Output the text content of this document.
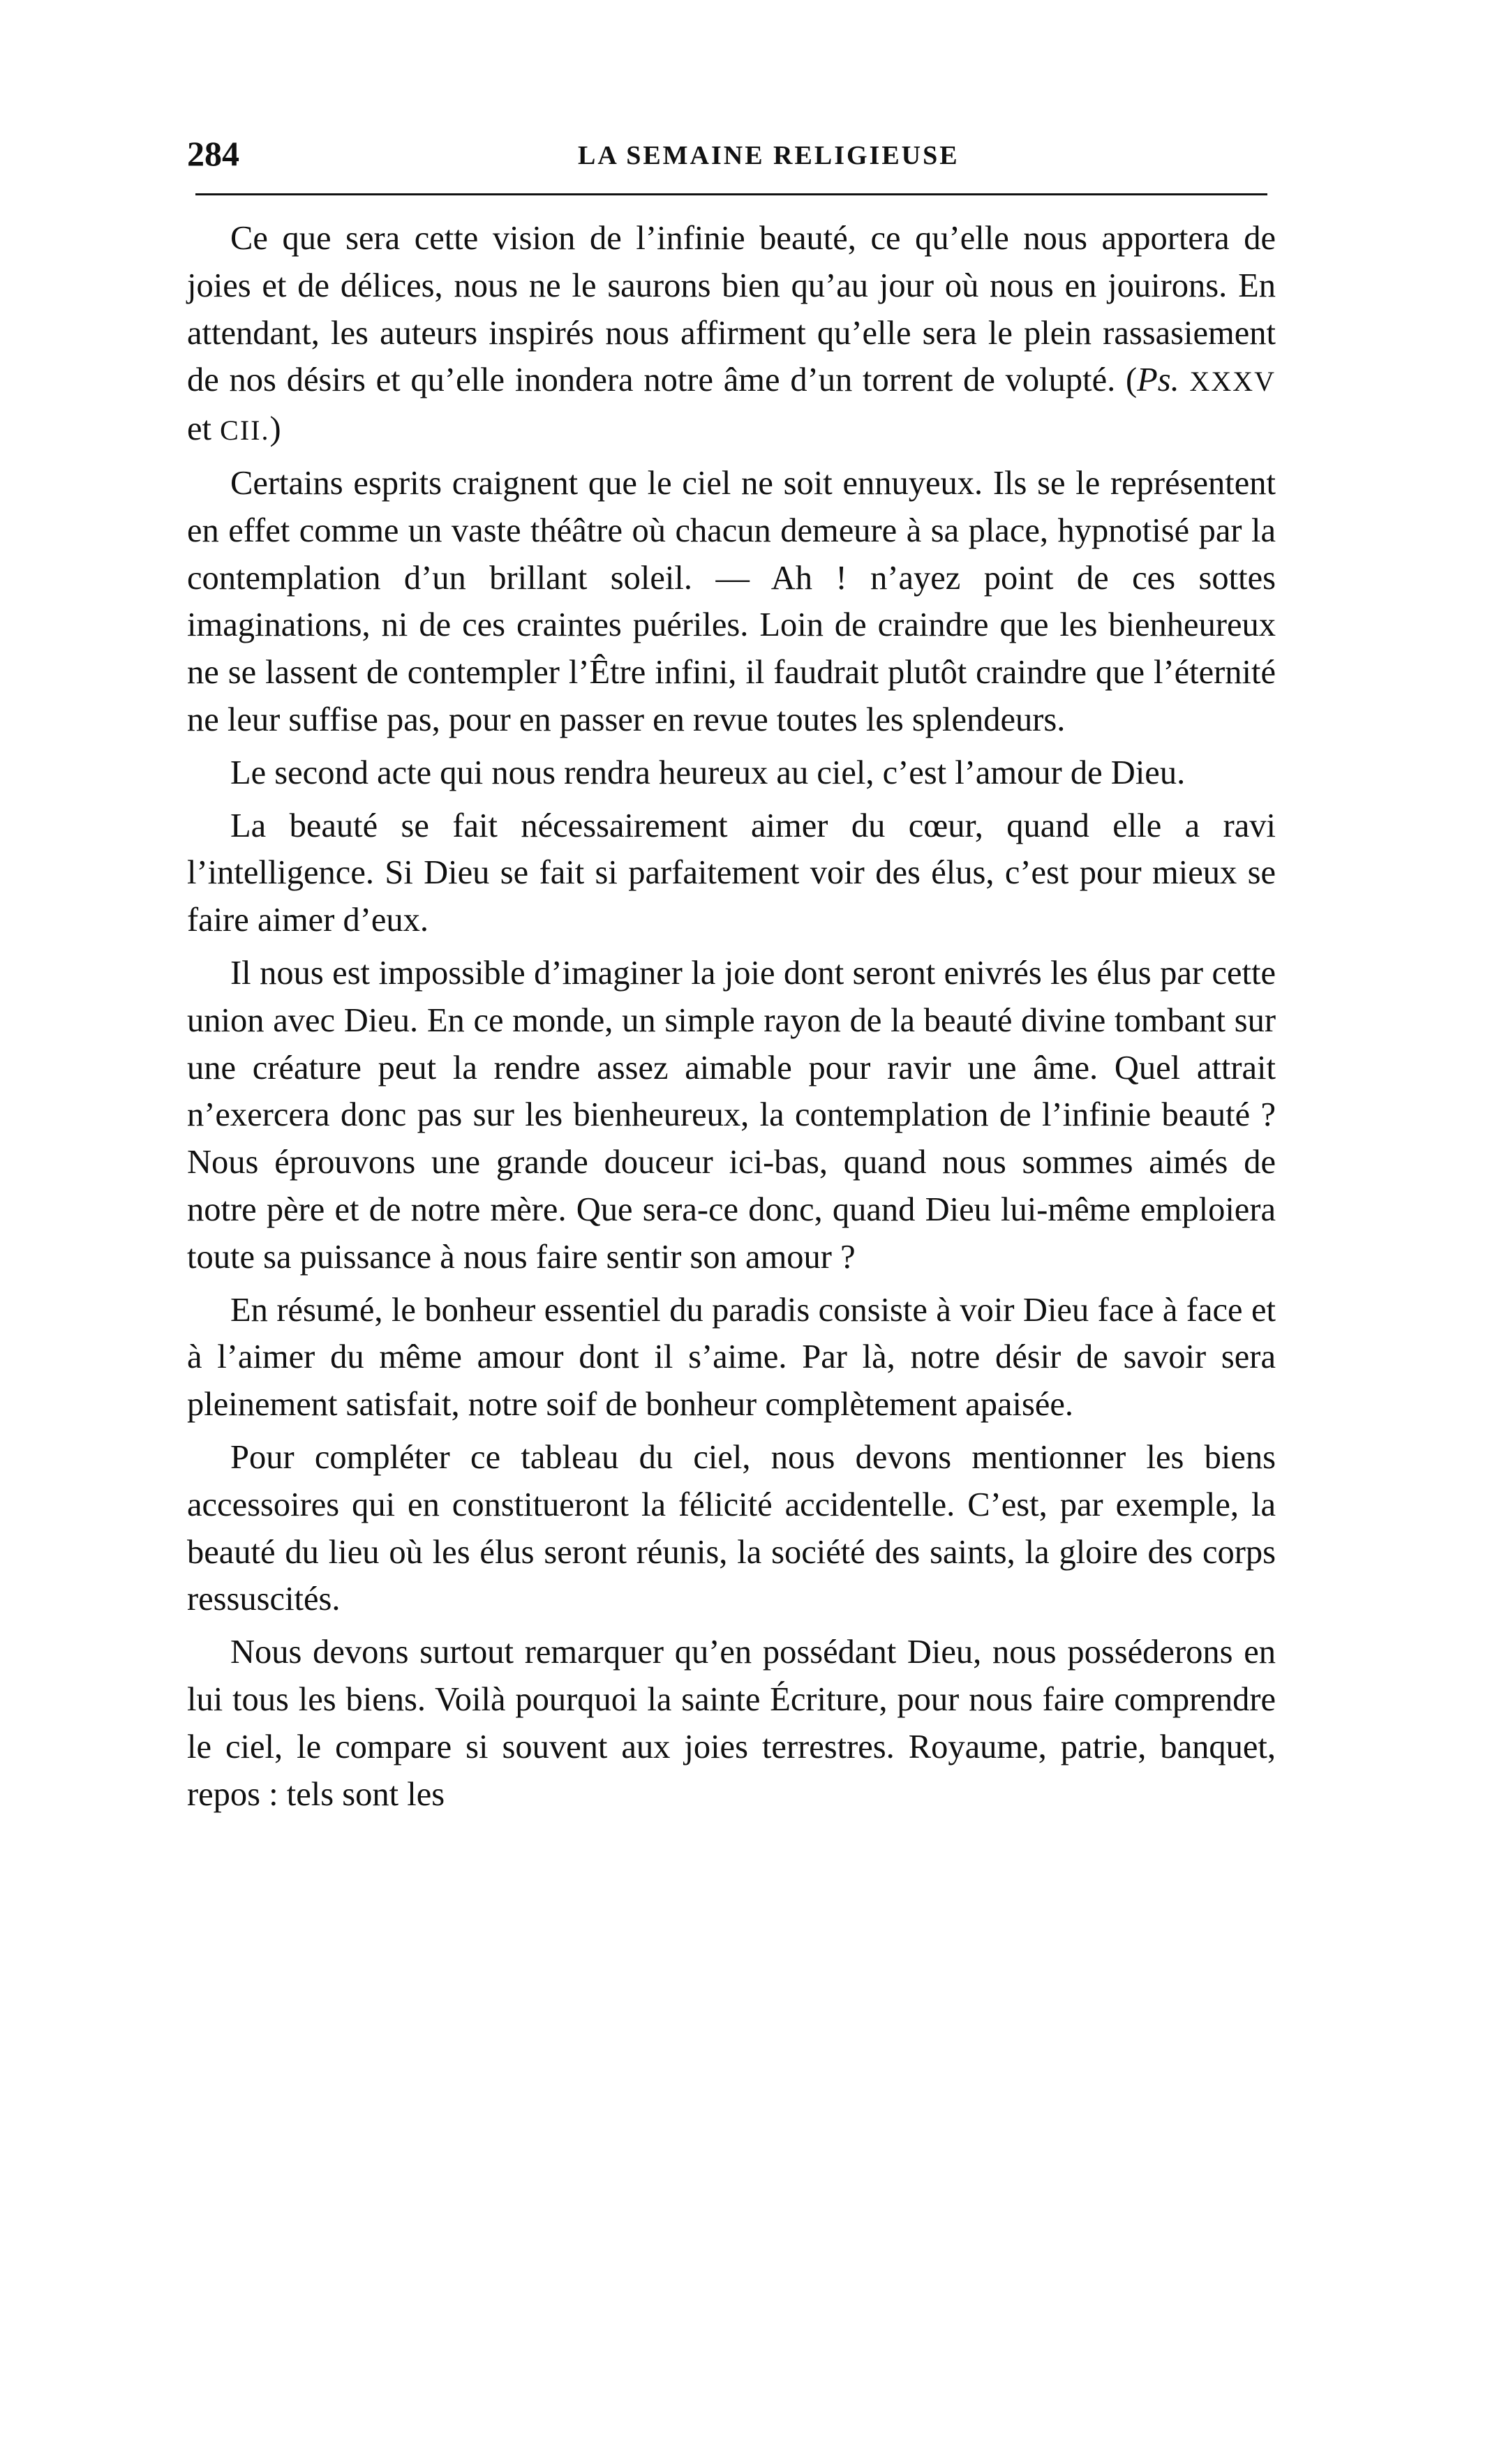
284	LA SEMAINE RELIGIEUSE

Ce que sera cette vision de l’infinie beauté, ce qu’elle nous apportera de joies et de délices, nous ne le saurons bien qu’au jour où nous en jouirons. En attendant, les auteurs inspirés nous affirment qu’elle sera le plein rassasiement de nos désirs et qu’elle inondera notre âme d’un torrent de volupté. (Ps. XXXV et CII.)

Certains esprits craignent que le ciel ne soit ennuyeux. Ils se le représentent en effet comme un vaste théâtre où chacun demeure à sa place, hypnotisé par la contemplation d’un brillant soleil. — Ah ! n’ayez point de ces sottes imaginations, ni de ces craintes puériles. Loin de craindre que les bienheureux ne se lassent de contempler l’Être infini, il faudrait plutôt craindre que l’éternité ne leur suffise pas, pour en passer en revue toutes les splendeurs.

Le second acte qui nous rendra heureux au ciel, c’est l’amour de Dieu.

La beauté se fait nécessairement aimer du cœur, quand elle a ravi l’intelligence. Si Dieu se fait si parfaitement voir des élus, c’est pour mieux se faire aimer d’eux.

Il nous est impossible d’imaginer la joie dont seront enivrés les élus par cette union avec Dieu. En ce monde, un simple rayon de la beauté divine tombant sur une créature peut la rendre assez aimable pour ravir une âme. Quel attrait n’exercera donc pas sur les bienheureux, la contemplation de l’infinie beauté ? Nous éprouvons une grande douceur ici-bas, quand nous sommes aimés de notre père et de notre mère. Que sera-ce donc, quand Dieu lui-même emploiera toute sa puissance à nous faire sentir son amour ?

En résumé, le bonheur essentiel du paradis consiste à voir Dieu face à face et à l’aimer du même amour dont il s’aime. Par là, notre désir de savoir sera pleinement satisfait, notre soif de bonheur complètement apaisée.

Pour compléter ce tableau du ciel, nous devons mentionner les biens accessoires qui en constitueront la félicité accidentelle. C’est, par exemple, la beauté du lieu où les élus seront réunis, la société des saints, la gloire des corps ressuscités.

Nous devons surtout remarquer qu’en possédant Dieu, nous posséderons en lui tous les biens. Voilà pourquoi la sainte Écriture, pour nous faire comprendre le ciel, le compare si souvent aux joies terrestres. Royaume, patrie, banquet, repos : tels sont les
